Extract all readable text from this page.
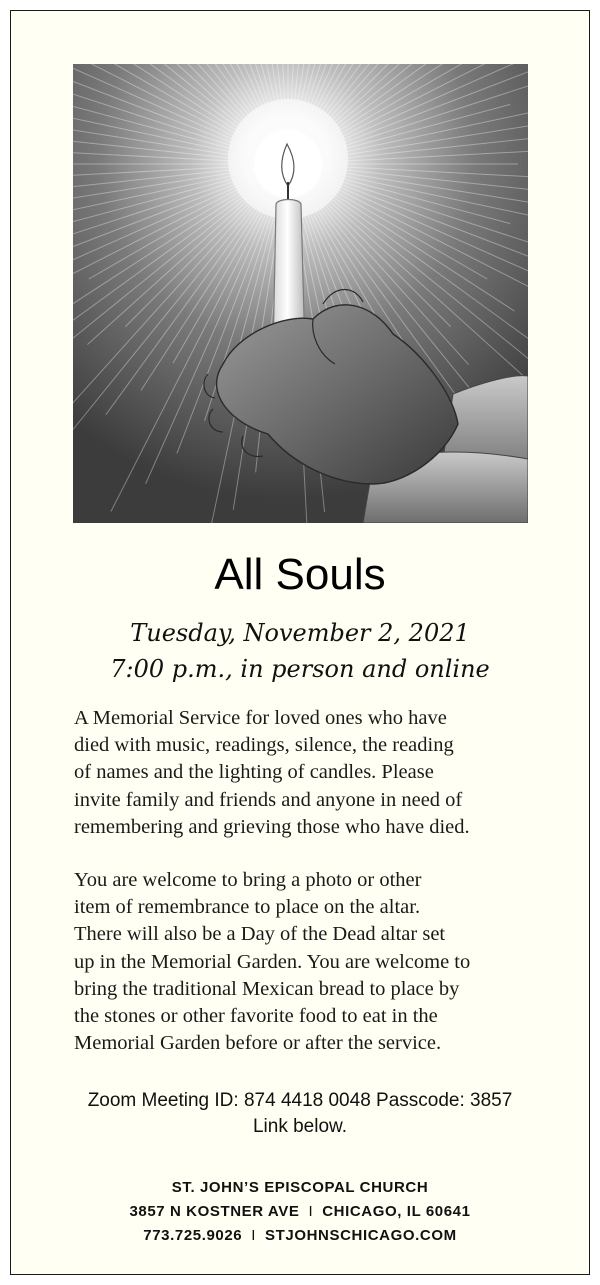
All Souls
Tuesday, November 2, 2021
7:00 p.m., in person and online
A Memorial Service for loved ones who have
died with music, readings, silence, the reading
of names and the lighting of candles. Please
invite family and friends and anyone in need of
remembering and grieving those who have died.
You are welcome to bring a photo or other
item of remembrance to place on the altar.
There will also be a Day of the Dead altar set
up in the Memorial Garden. You are welcome to
bring the traditional Mexican bread to place by
the stones or other favorite food to eat in the
Memorial Garden before or after the service.
Zoom Meeting ID: 874 4418 0048 Passcode: 3857
Link below.
ST. JOHN’S EPISCOPAL CHURCH
3857 N KOSTNER AVE I CHICAGO, IL 60641
773.725.9026 I STJOHNSCHICAGO.COM
